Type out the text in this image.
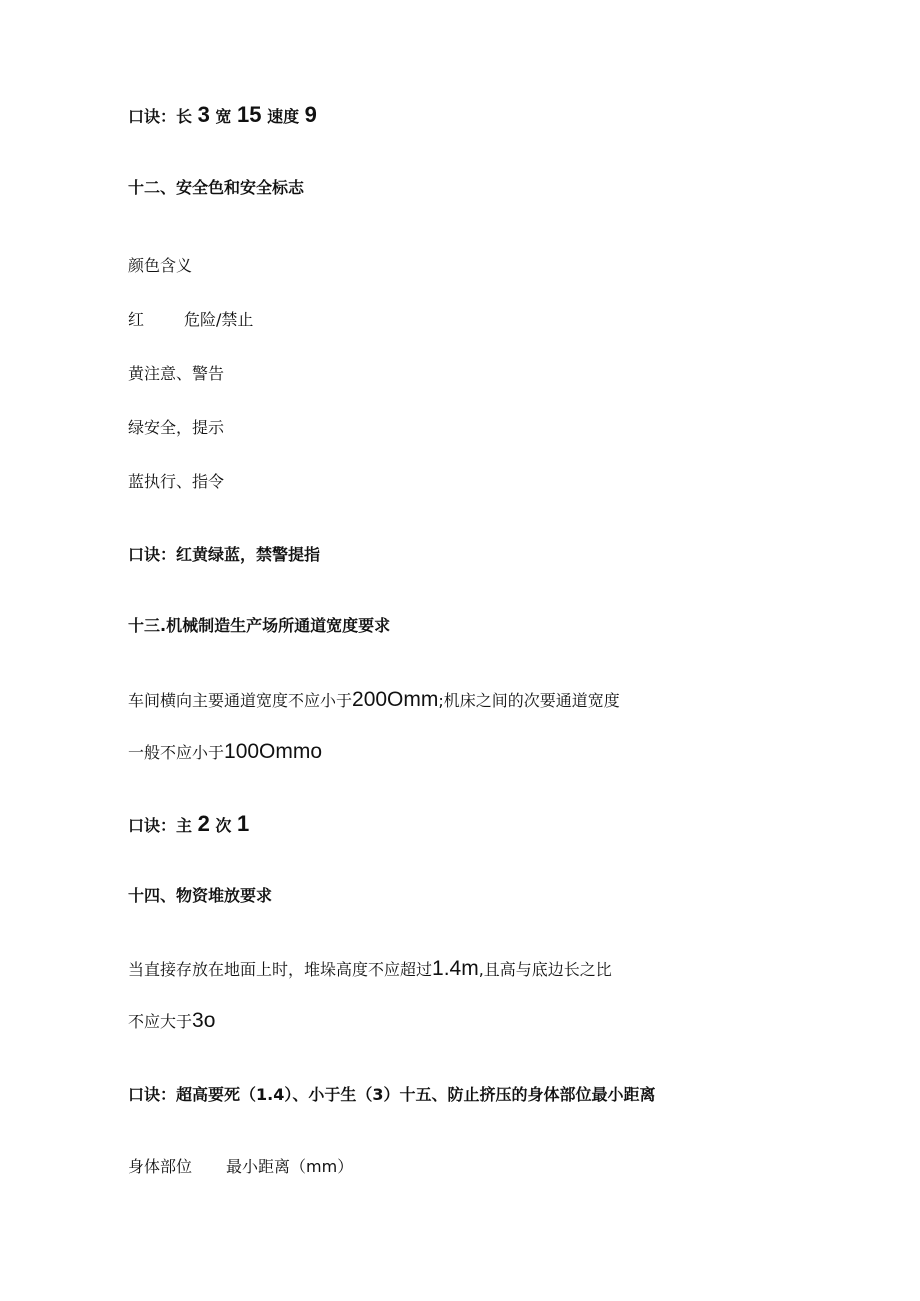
口诀：长 3 宽 15 速度 9
十二、安全色和安全标志
颜色含义
红	危险/禁止
黄注意、警告
绿安全，提示
蓝执行、指令
口诀：红黄绿蓝，禁警提指
十三.机械制造生产场所通道宽度要求
车间横向主要通道宽度不应小于200Omm;机床之间的次要通道宽度
一般不应小于100Ommo
口诀：主 2 次 1
十四、物资堆放要求
当直接存放在地面上时，堆垛高度不应超过1.4m,且高与底边长之比
不应大于3o
口诀：超高要死（1.4）、小于生（3）十五、防止挤压的身体部位最小距离
身体部位 最小距离（mm）
